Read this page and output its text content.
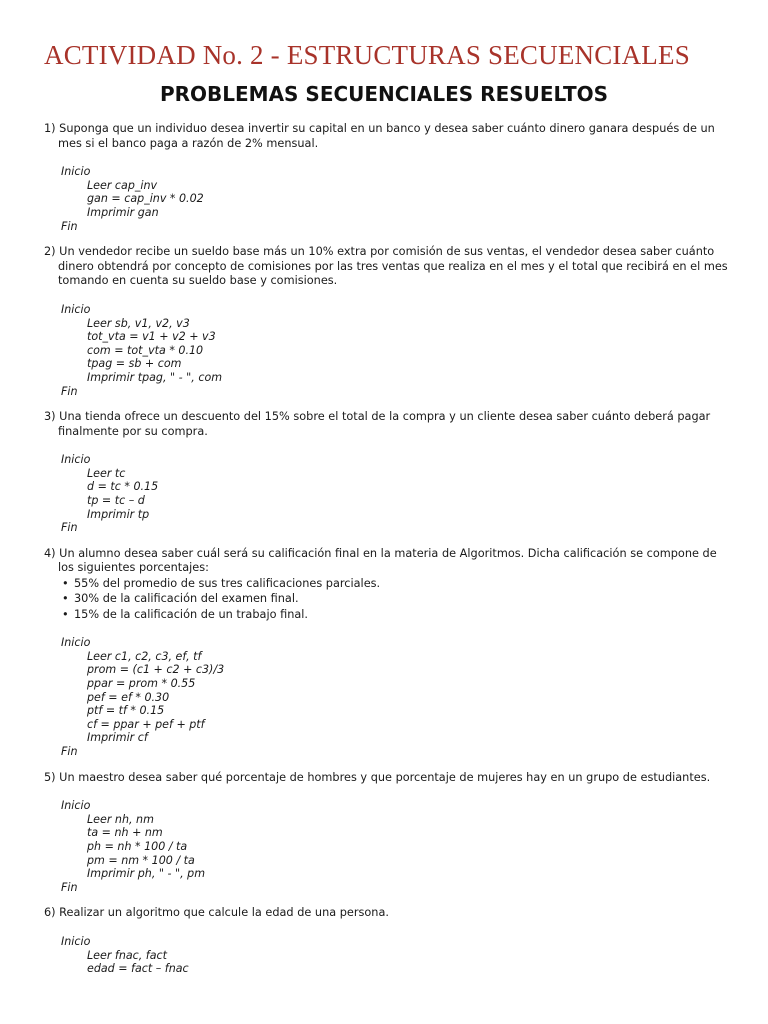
ACTIVIDAD No. 2 - ESTRUCTURAS SECUENCIALES
PROBLEMAS SECUENCIALES RESUELTOS

1) Suponga que un individuo desea invertir su capital en un banco y desea saber cuánto dinero ganara después de un mes si el banco paga a razón de 2% mensual.

Inicio
Leer cap_inv
gan = cap_inv * 0.02
Imprimir gan
Fin

2) Un vendedor recibe un sueldo base más un 10% extra por comisión de sus ventas, el vendedor desea saber cuánto dinero obtendrá por concepto de comisiones por las tres ventas que realiza en el mes y el total que recibirá en el mes tomando en cuenta su sueldo base y comisiones.

Inicio
Leer sb, v1, v2, v3
tot_vta = v1 + v2 + v3
com = tot_vta * 0.10
tpag = sb + com
Imprimir tpag, " - ", com
Fin

3) Una tienda ofrece un descuento del 15% sobre el total de la compra y un cliente desea saber cuánto deberá pagar finalmente por su compra.

Inicio
Leer tc
d = tc * 0.15
tp = tc – d
Imprimir tp
Fin

4) Un alumno desea saber cuál será su calificación final en la materia de Algoritmos. Dicha calificación se compone de los siguientes porcentajes:

• 55% del promedio de sus tres calificaciones parciales.
• 30% de la calificación del examen final.
• 15% de la calificación de un trabajo final.
Inicio
Leer c1, c2, c3, ef, tf
prom = (c1 + c2 + c3)/3
ppar = prom * 0.55
pef = ef * 0.30
ptf = tf * 0.15
cf = ppar + pef + ptf
Imprimir cf
Fin

5) Un maestro desea saber qué porcentaje de hombres y que porcentaje de mujeres hay en un grupo de estudiantes.

Inicio
Leer nh, nm
ta = nh + nm
ph = nh * 100 / ta
pm = nm * 100 / ta
Imprimir ph, " - ", pm
Fin

6) Realizar un algoritmo que calcule la edad de una persona.

Inicio
Leer fnac, fact
edad = fact – fnac
